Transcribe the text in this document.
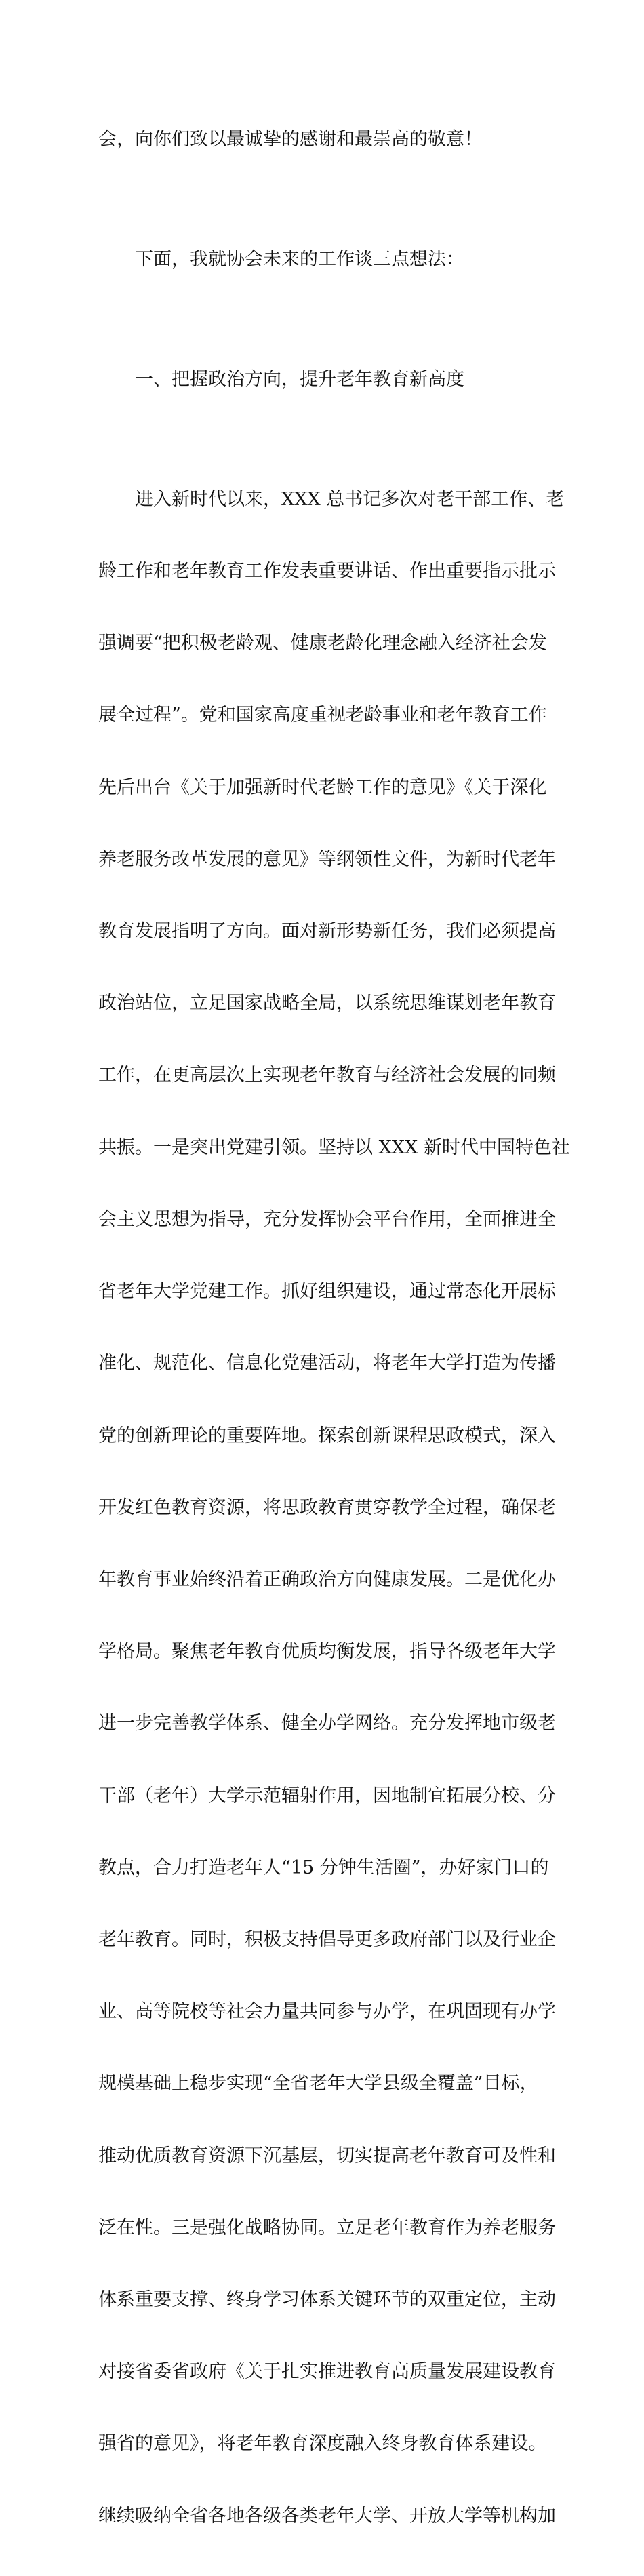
会，向你们致以最诚挚的感谢和最崇高的敬意！

　　下面，我就协会未来的工作谈三点想法：

　　一、把握政治方向，提升老年教育新高度

　　进入新时代以来，XXX 总书记多次对老干部工作、老

龄工作和老年教育工作发表重要讲话、作出重要指示批示

强调要“把积极老龄观、健康老龄化理念融入经济社会发

展全过程”。党和国家高度重视老龄事业和老年教育工作

先后出台《关于加强新时代老龄工作的意见》《关于深化

养老服务改革发展的意见》等纲领性文件，为新时代老年

教育发展指明了方向。面对新形势新任务，我们必须提高

政治站位，立足国家战略全局，以系统思维谋划老年教育

工作，在更高层次上实现老年教育与经济社会发展的同频

共振。一是突出党建引领。坚持以 XXX 新时代中国特色社

会主义思想为指导，充分发挥协会平台作用，全面推进全

省老年大学党建工作。抓好组织建设，通过常态化开展标

准化、规范化、信息化党建活动，将老年大学打造为传播

党的创新理论的重要阵地。探索创新课程思政模式，深入

开发红色教育资源，将思政教育贯穿教学全过程，确保老

年教育事业始终沿着正确政治方向健康发展。二是优化办

学格局。聚焦老年教育优质均衡发展，指导各级老年大学

进一步完善教学体系、健全办学网络。充分发挥地市级老

干部（老年）大学示范辐射作用，因地制宜拓展分校、分

教点，合力打造老年人“15 分钟生活圈”，办好家门口的

老年教育。同时，积极支持倡导更多政府部门以及行业企

业、高等院校等社会力量共同参与办学，在巩固现有办学

规模基础上稳步实现“全省老年大学县级全覆盖”目标，

推动优质教育资源下沉基层，切实提高老年教育可及性和

泛在性。三是强化战略协同。立足老年教育作为养老服务

体系重要支撑、终身学习体系关键环节的双重定位，主动

对接省委省政府《关于扎实推进教育高质量发展建设教育

强省的意见》，将老年教育深度融入终身教育体系建设。

继续吸纳全省各地各级各类老年大学、开放大学等机构加
